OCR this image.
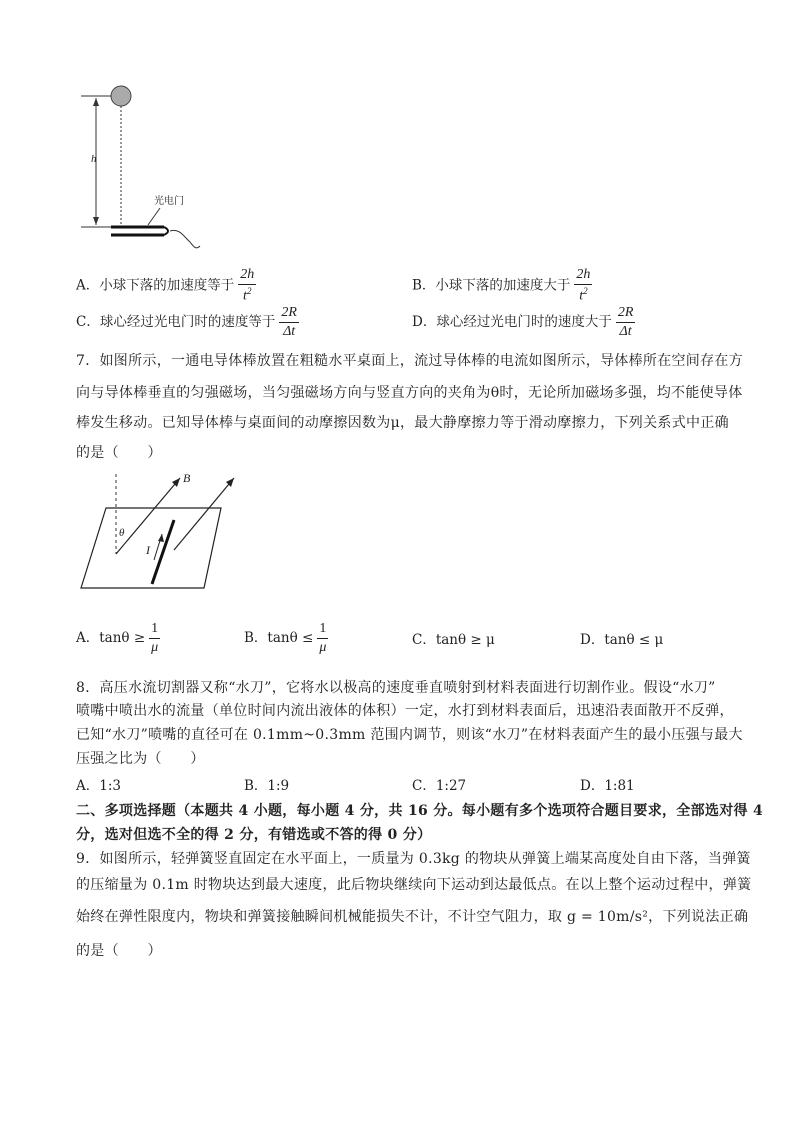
h
光电门
A．小球下落的加速度等于 $\frac{2h}{t^2}$	B．小球下落的加速度大于 $\frac{2h}{t^2}$
C．球心经过光电门时的速度等于 $\frac{2R}{\Delta t}$	D．球心经过光电门时的速度大于 $\frac{2R}{\Delta t}$
7．如图所示，一通电导体棒放置在粗糙水平桌面上，流过导体棒的电流如图所示，导体棒所在空间存在方
向与导体棒垂直的匀强磁场，当匀强磁场方向与竖直方向的夹角为θ时，无论所加磁场多强，均不能使导体
棒发生移动。已知导体棒与桌面间的动摩擦因数为μ，最大静摩擦力等于滑动摩擦力，下列关系式中正确
的是（　　）
B
θ
I
A．$\tan\theta \ge \frac{1}{\mu}$	B．$\tan\theta \le \frac{1}{\mu}$	C．tanθ ≥ μ	D．tanθ ≤ μ
8．高压水流切割器又称“水刀”，它将水以极高的速度垂直喷射到材料表面进行切割作业。假设“水刀”
喷嘴中喷出水的流量（单位时间内流出液体的体积）一定，水打到材料表面后，迅速沿表面散开不反弹，
已知“水刀”喷嘴的直径可在 0.1mm~0.3mm 范围内调节，则该“水刀”在材料表面产生的最小压强与最大
压强之比为（　　）
A．1:3	B．1:9	C．1:27	D．1:81
二、多项选择题（本题共 4 小题，每小题 4 分，共 16 分。每小题有多个选项符合题目要求，全部选对得 4
分，选对但选不全的得 2 分，有错选或不答的得 0 分）
9．如图所示，轻弹簧竖直固定在水平面上，一质量为 0.3kg 的物块从弹簧上端某高度处自由下落，当弹簧
的压缩量为 0.1m 时物块达到最大速度，此后物块继续向下运动到达最低点。在以上整个运动过程中，弹簧
始终在弹性限度内，物块和弹簧接触瞬间机械能损失不计，不计空气阻力，取 g = 10m/s²，下列说法正确
的是（　　）
